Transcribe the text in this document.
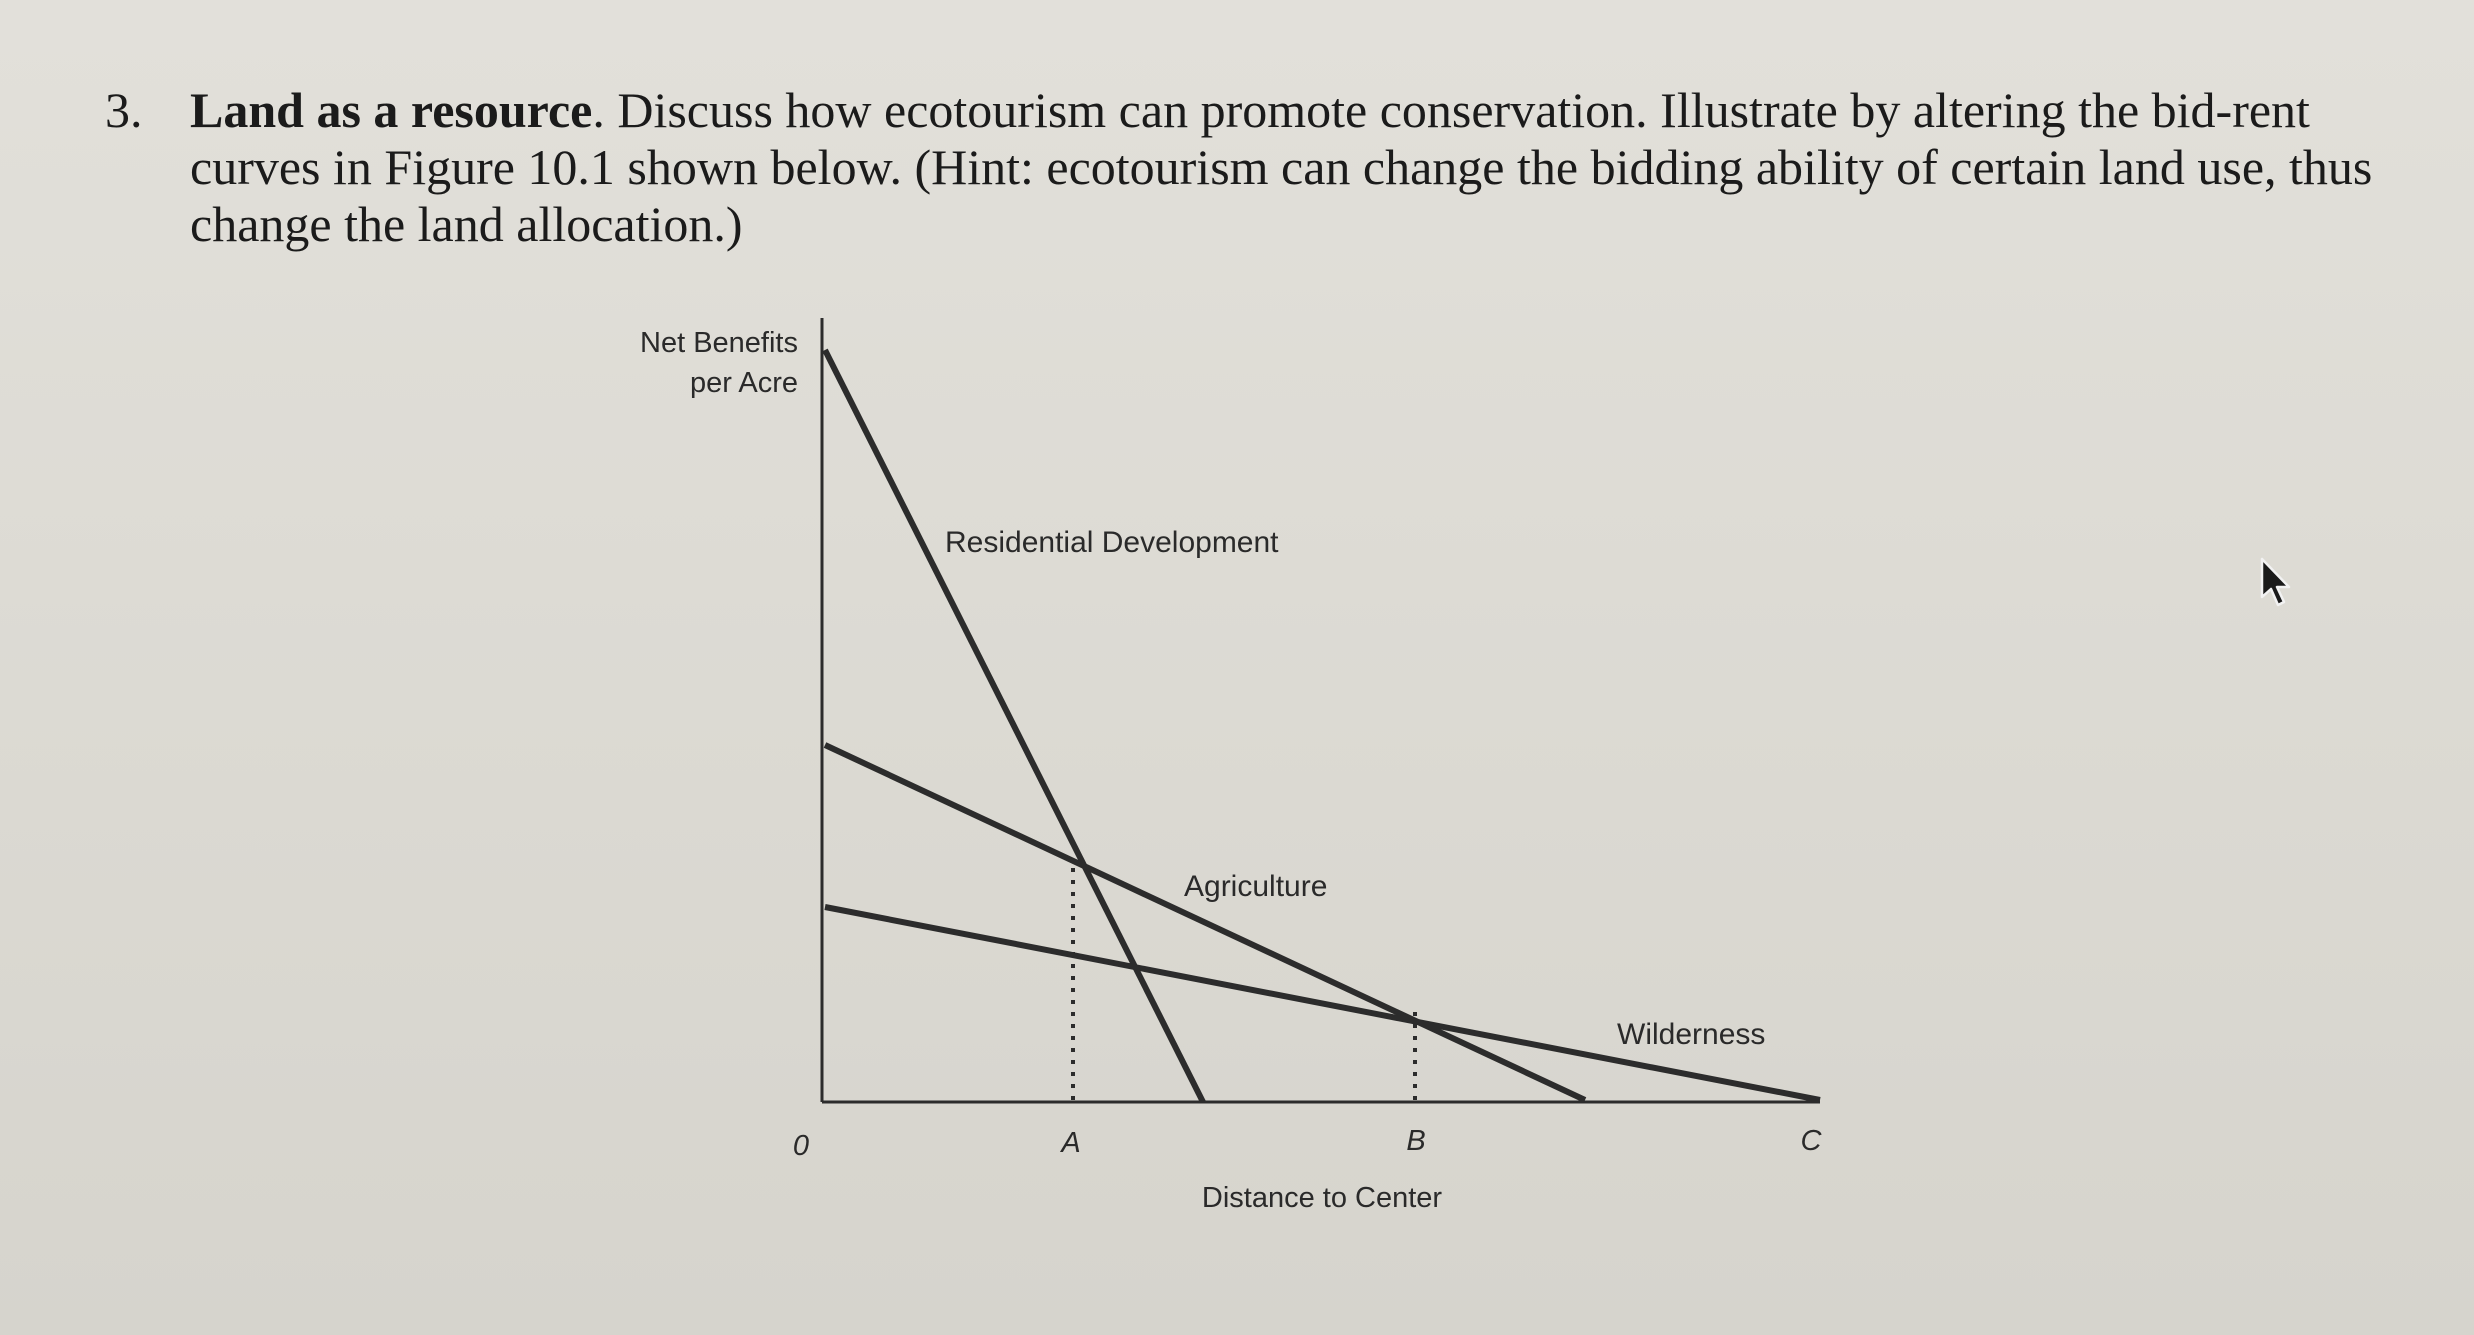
3. Land as a resource. Discuss how ecotourism can promote conservation. Illustrate by altering the bid-rent curves in Figure 10.1 shown below. (Hint: ecotourism can change the bidding ability of certain land use, thus change the land allocation.)
Net Benefits
per Acre
Distance to Center
0	A	B	C
Residential Development
Agriculture
Wilderness
